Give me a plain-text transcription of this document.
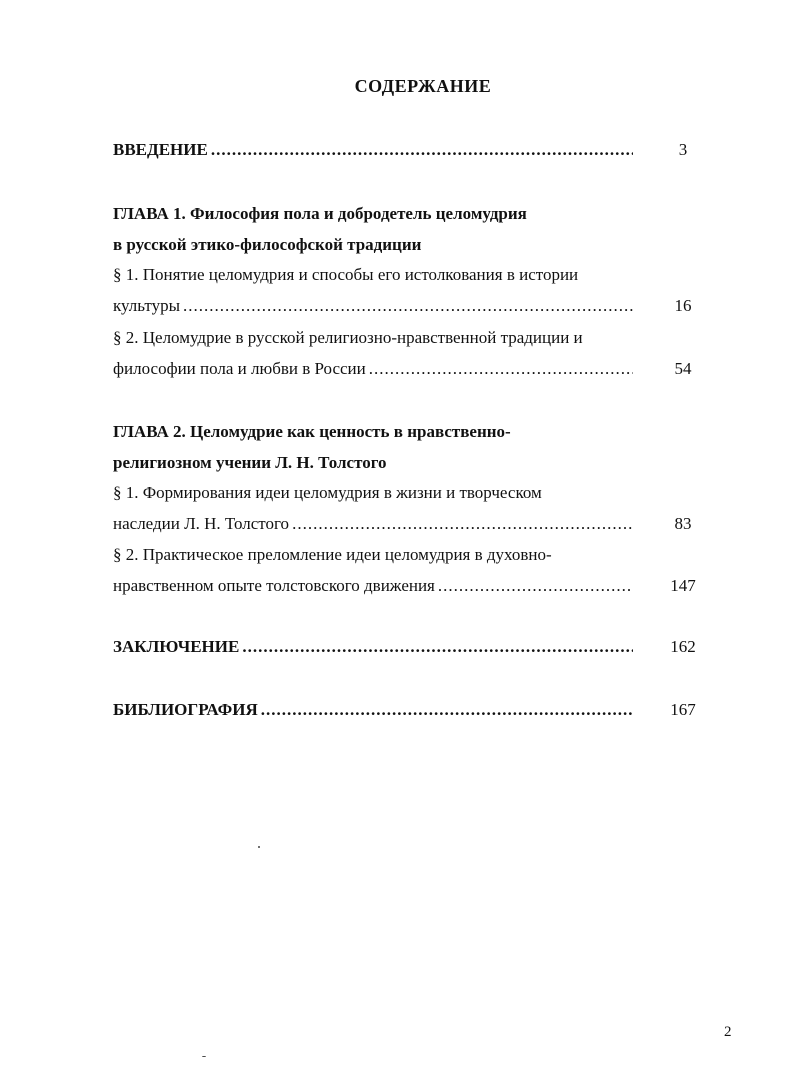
СОДЕРЖАНИЕ
ВВЕДЕНИЕ .....	3
ГЛАВА 1. Философия пола и добродетель целомудрия
в русской этико-философской традиции
§ 1. Понятие целомудрия и способы его истолкования в истории
культуры .....	16
§ 2. Целомудрие в русской религиозно-нравственной традиции и
философии пола и любви в России .....	54
ГЛАВА 2. Целомудрие как ценность в нравственно-
религиозном учении Л. Н. Толстого
§ 1. Формирования идеи целомудрия в жизни и творческом
наследии Л. Н. Толстого .....	83
§ 2. Практическое преломление идеи целомудрия в духовно-
нравственном опыте толстовского движения .....	147
ЗАКЛЮЧЕНИЕ .....	162
БИБЛИОГРАФИЯ .....	167
2
